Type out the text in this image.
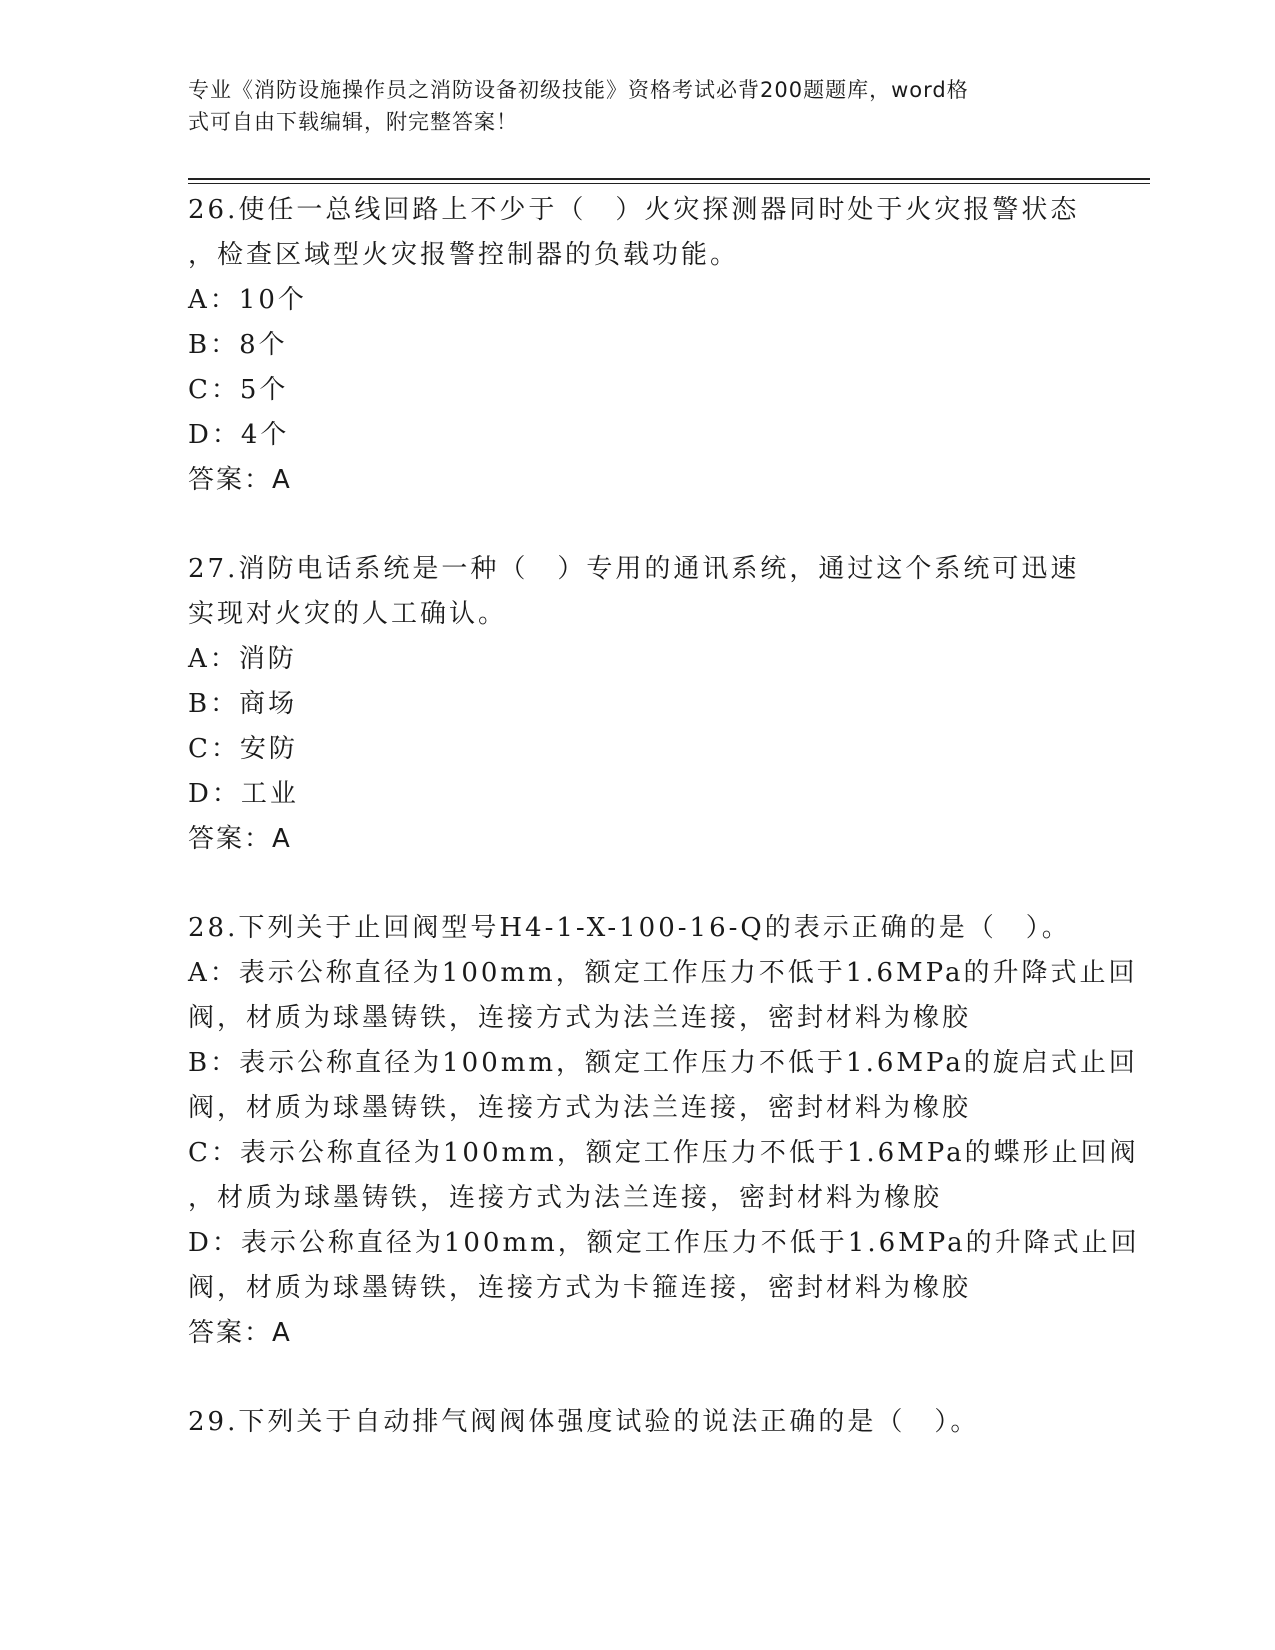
专业《消防设施操作员之消防设备初级技能》资格考试必背200题题库，word格
式可自由下载编辑，附完整答案！
26.使任一总线回路上不少于（　）火灾探测器同时处于火灾报警状态
，检查区域型火灾报警控制器的负载功能。
A：10个
B：8个
C：5个
D：4个
答案：A
27.消防电话系统是一种（　）专用的通讯系统，通过这个系统可迅速
实现对火灾的人工确认。
A：消防
B：商场
C：安防
D：工业
答案：A
28.下列关于止回阀型号H4-1-X-100-16-Q的表示正确的是（　）。
A：表示公称直径为100mm，额定工作压力不低于1.6MPa的升降式止回
阀，材质为球墨铸铁，连接方式为法兰连接，密封材料为橡胶
B：表示公称直径为100mm，额定工作压力不低于1.6MPa的旋启式止回
阀，材质为球墨铸铁，连接方式为法兰连接，密封材料为橡胶
C：表示公称直径为100mm，额定工作压力不低于1.6MPa的蝶形止回阀
，材质为球墨铸铁，连接方式为法兰连接，密封材料为橡胶
D：表示公称直径为100mm，额定工作压力不低于1.6MPa的升降式止回
阀，材质为球墨铸铁，连接方式为卡箍连接，密封材料为橡胶
答案：A
29.下列关于自动排气阀阀体强度试验的说法正确的是（　）。
